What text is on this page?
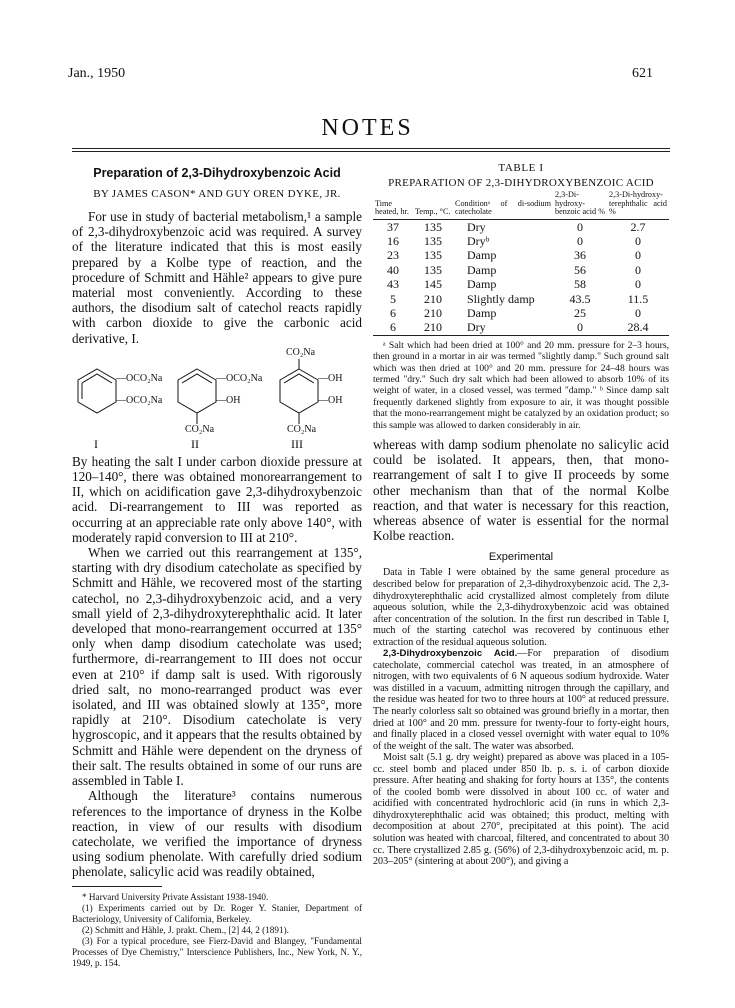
Jan., 1950	621
NOTES
Preparation of 2,3-Dihydroxybenzoic Acid
BY JAMES CASON* AND GUY OREN DYKE, JR.

For use in study of bacterial metabolism,¹ a sample of 2,3-dihydroxybenzoic acid was required. A survey of the literature indicated that this is most easily prepared by a Kolbe type of reaction, and the procedure of Schmitt and Hähle² appears to give pure material most conveniently. According to these authors, the disodium salt of catechol reacts rapidly with carbon dioxide to give the carbonic acid derivative, I.

—OCO₂Na
—OCO₂Na
—OCO₂Na
—OH
CO₂Na
CO₂Na
—OH
—OH
CO₂Na
I	II	III

By heating the salt I under carbon dioxide pressure at 120–140°, there was obtained monorearrangement to II, which on acidification gave 2,3-dihydroxybenzoic acid. Di-rearrangement to III was reported as occurring at an appreciable rate only above 140°, with moderately rapid conversion to III at 210°.

When we carried out this rearrangement at 135°, starting with dry disodium catecholate as specified by Schmitt and Hähle, we recovered most of the starting catechol, no 2,3-dihydroxybenzoic acid, and a very small yield of 2,3-dihydroxyterephthalic acid. It later developed that mono-rearrangement occurred at 135° only when damp disodium catecholate was used; furthermore, di-rearrangement to III does not occur even at 210° if damp salt is used. With rigorously dried salt, no mono-rearranged product was ever isolated, and III was obtained slowly at 135°, more rapidly at 210°. Disodium catecholate is very hygroscopic, and it appears that the results obtained by Schmitt and Hähle were dependent on the dryness of their salt. The results obtained in some of our runs are assembled in Table I.

Although the literature³ contains numerous references to the importance of dryness in the Kolbe reaction, in view of our results with disodium catecholate, we verified the importance of dryness using sodium phenolate. With carefully dried sodium phenolate, salicylic acid was readily obtained,

* Harvard University Private Assistant 1938-1940.

(1) Experiments carried out by Dr. Roger Y. Stanier, Department of Bacteriology, University of California, Berkeley.

(2) Schmitt and Hähle, J. prakt. Chem., [2] 44, 2 (1891).

(3) For a typical procedure, see Fierz-David and Blangey, "Fundamental Processes of Dye Chemistry," Interscience Publishers, Inc., New York, N. Y., 1949, p. 154.

TABLE I
PREPARATION OF 2,3-DIHYDROXYBENZOIC ACID
Time heated, hr.	Temp., °C.	Conditionᵃ of di-sodium catecholate	2,3-Di-hydroxy-benzoic acid %	2,3-Di-hydroxy-terephthalic acid %
37	135	Dry	0	2.7
16	135	Dryᵇ	0	0
23	135	Damp	36	0
40	135	Damp	56	0
43	145	Damp	58	0
5	210	Slightly damp	43.5	11.5
6	210	Damp	25	0
6	210	Dry	0	28.4

ᵃ Salt which had been dried at 100° and 20 mm. pressure for 2–3 hours, then ground in a mortar in air was termed "slightly damp." Such ground salt which was then dried at 100° and 20 mm. pressure for 24–48 hours was termed "dry." Such dry salt which had been allowed to absorb 10% of its weight of water, in a closed vessel, was termed "damp." ᵇ Since damp salt frequently darkened slightly from exposure to air, it was thought possible that the mono-rearrangement might be catalyzed by an oxidation product; so this sample was allowed to darken considerably in air.

whereas with damp sodium phenolate no salicylic acid could be isolated. It appears, then, that mono-rearrangement of salt I to give II proceeds by some other mechanism than that of the normal Kolbe reaction, and that water is necessary for this reaction, whereas absence of water is essential for the normal Kolbe reaction.

Experimental

Data in Table I were obtained by the same general procedure as described below for preparation of 2,3-dihydroxybenzoic acid. The 2,3-dihydroxyterephthalic acid crystallized almost completely from dilute aqueous solution, while the 2,3-dihydroxybenzoic acid was obtained after concentration of the solution. In the first run described in Table I, much of the starting catechol was recovered by continuous ether extraction of the residual aqueous solution.

2,3-Dihydroxybenzoic Acid.—For preparation of disodium catecholate, commercial catechol was treated, in an atmosphere of nitrogen, with two equivalents of 6 N aqueous sodium hydroxide. Water was distilled in a vacuum, admitting nitrogen through the capillary, and the residue was heated for two to three hours at 100° at reduced pressure. The nearly colorless salt so obtained was ground briefly in a mortar, then dried at 100° and 20 mm. pressure for twenty-four to forty-eight hours, and finally placed in a closed vessel overnight with water equal to 10% of the weight of the salt. The water was absorbed.

Moist salt (5.1 g. dry weight) prepared as above was placed in a 105-cc. steel bomb and placed under 850 lb. p. s. i. of carbon dioxide pressure. After heating and shaking for forty hours at 135°, the contents of the cooled bomb were dissolved in about 100 cc. of water and acidified with concentrated hydrochloric acid (in runs in which 2,3-dihydroxyterephthalic acid was obtained; this product, melting with decomposition at about 270°, precipitated at this point). The acid solution was heated with charcoal, filtered, and concentrated to about 30 cc. There crystallized 2.85 g. (56%) of 2,3-dihydroxybenzoic acid, m. p. 203–205° (sintering at about 200°), and giving a
